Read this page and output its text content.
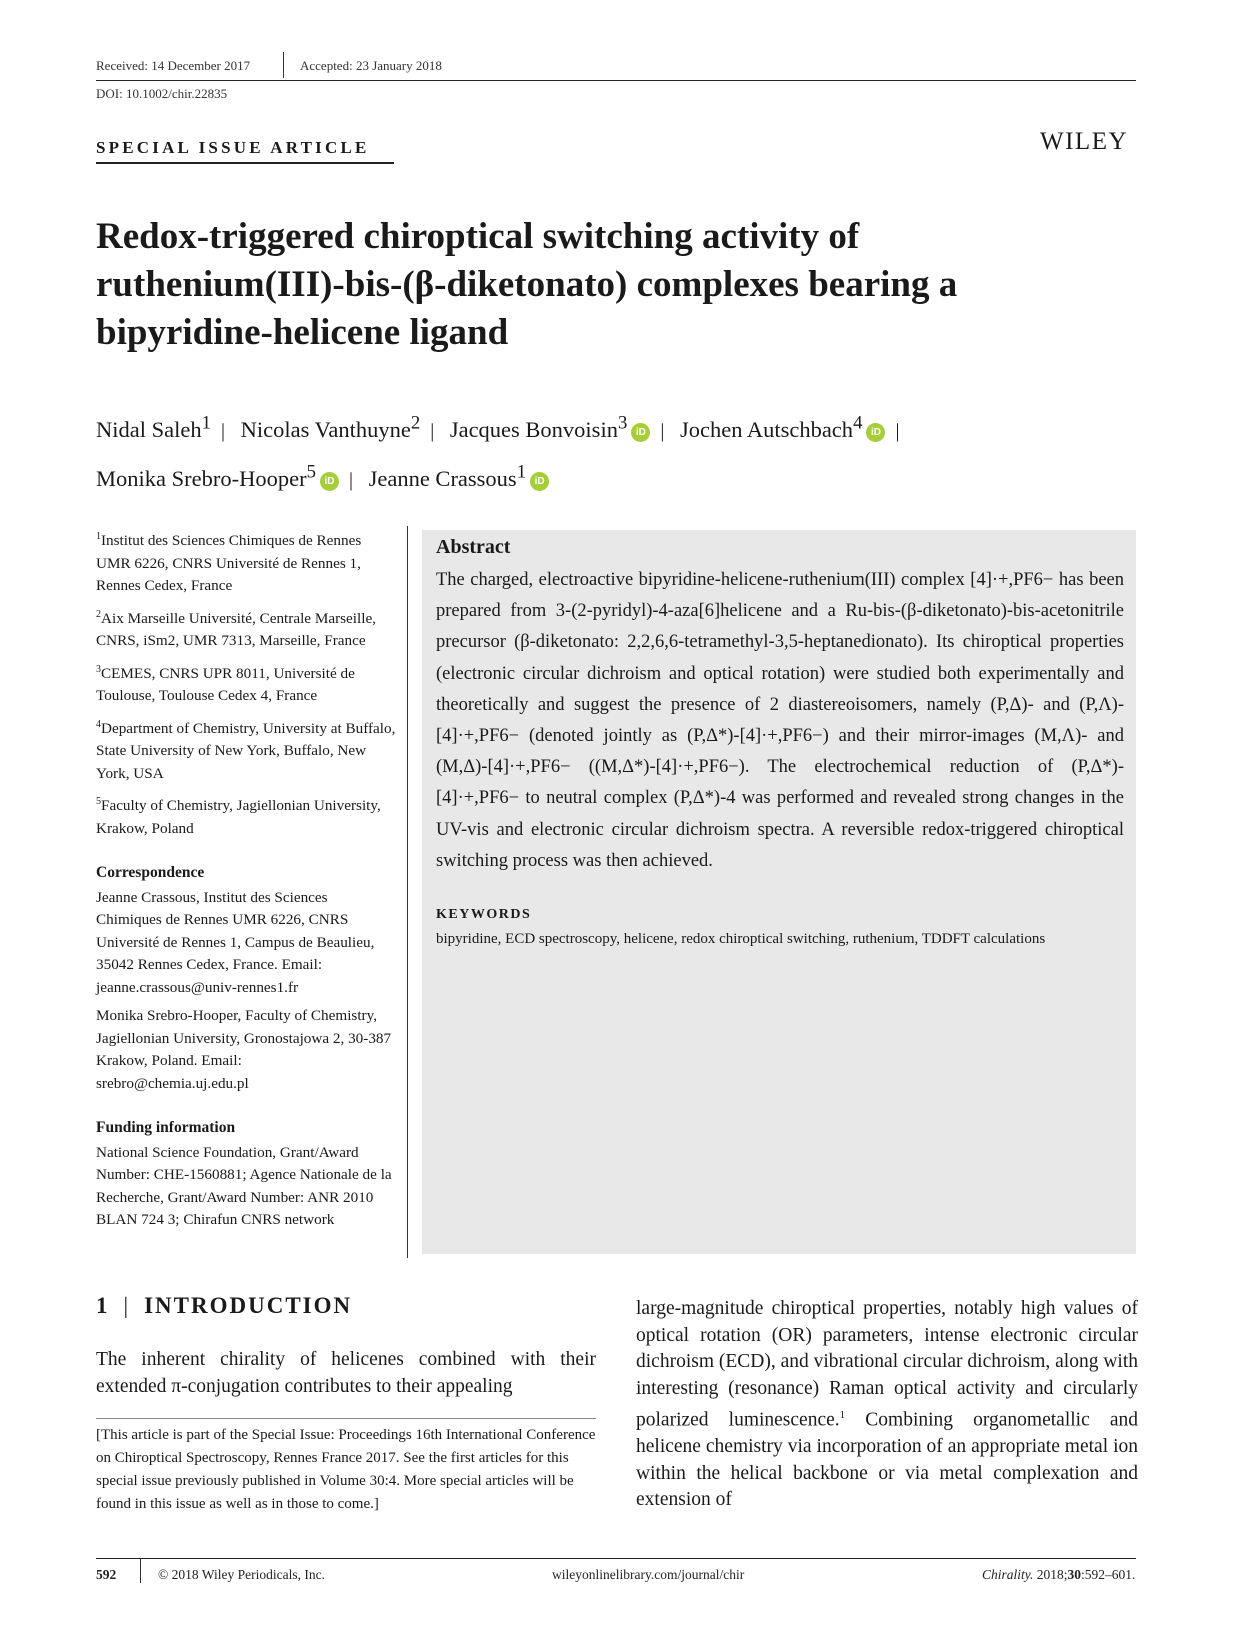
Received: 14 December 2017	Accepted: 23 January 2018
DOI: 10.1002/chir.22835
SPECIAL ISSUE ARTICLE	WILEY
Redox-triggered chiroptical switching activity of ruthenium(III)-bis-(β-diketonato) complexes bearing a bipyridine-helicene ligand
Nidal Saleh$^1$ | Nicolas Vanthuyne$^2$ | Jacques Bonvoisin$^3$ iD | Jochen Autschbach$^4$ iD |
Monika Srebro-Hooper$^5$ iD | Jeanne Crassous$^1$ iD

$^1$Institut des Sciences Chimiques de Rennes UMR 6226, CNRS Université de Rennes 1, Rennes Cedex, France

$^2$Aix Marseille Université, Centrale Marseille, CNRS, iSm2, UMR 7313, Marseille, France

$^3$CEMES, CNRS UPR 8011, Université de Toulouse, Toulouse Cedex 4, France

$^4$Department of Chemistry, University at Buffalo, State University of New York, Buffalo, New York, USA

$^5$Faculty of Chemistry, Jagiellonian University, Krakow, Poland

Correspondence

Jeanne Crassous, Institut des Sciences Chimiques de Rennes UMR 6226, CNRS Université de Rennes 1, Campus de Beaulieu, 35042 Rennes Cedex, France. Email: jeanne.crassous@univ-rennes1.fr

Monika Srebro-Hooper, Faculty of Chemistry, Jagiellonian University, Gronostajowa 2, 30-387 Krakow, Poland. Email: srebro@chemia.uj.edu.pl

Funding information

National Science Foundation, Grant/Award Number: CHE-1560881; Agence Nationale de la Recherche, Grant/Award Number: ANR 2010 BLAN 724 3; Chirafun CNRS network

Abstract

The charged, electroactive bipyridine-helicene-ruthenium(III) complex [4]·+,PF6− has been prepared from 3-(2-pyridyl)-4-aza[6]helicene and a Ru-bis-(β-diketonato)-bis-acetonitrile precursor (β-diketonato: 2,2,6,6-tetramethyl-3,5-heptanedionato). Its chiroptical properties (electronic circular dichroism and optical rotation) were studied both experimentally and theoretically and suggest the presence of 2 diastereoisomers, namely (P,Δ)- and (P,Λ)-[4]·+,PF6− (denoted jointly as (P,Δ*)-[4]·+,PF6−) and their mirror-images (M,Λ)- and (M,Δ)-[4]·+,PF6− ((M,Δ*)-[4]·+,PF6−). The electrochemical reduction of (P,Δ*)-[4]·+,PF6− to neutral complex (P,Δ*)-4 was performed and revealed strong changes in the UV-vis and electronic circular dichroism spectra. A reversible redox-triggered chiroptical switching process was then achieved.

KEYWORDS

bipyridine, ECD spectroscopy, helicene, redox chiroptical switching, ruthenium, TDDFT calculations

1 | INTRODUCTION
The inherent chirality of helicenes combined with their extended π-conjugation contributes to their appealing
[This article is part of the Special Issue: Proceedings 16th International Conference on Chiroptical Spectroscopy, Rennes France 2017. See the first articles for this special issue previously published in Volume 30:4. More special articles will be found in this issue as well as in those to come.]
large-magnitude chiroptical properties, notably high values of optical rotation (OR) parameters, intense electronic circular dichroism (ECD), and vibrational circular dichroism, along with interesting (resonance) Raman optical activity and circularly polarized luminescence.$^1$ Combining organometallic and helicene chemistry via incorporation of an appropriate metal ion within the helical backbone or via metal complexation and extension of
592	© 2018 Wiley Periodicals, Inc.	wileyonlinelibrary.com/journal/chir	Chirality. 2018;30:592–601.
